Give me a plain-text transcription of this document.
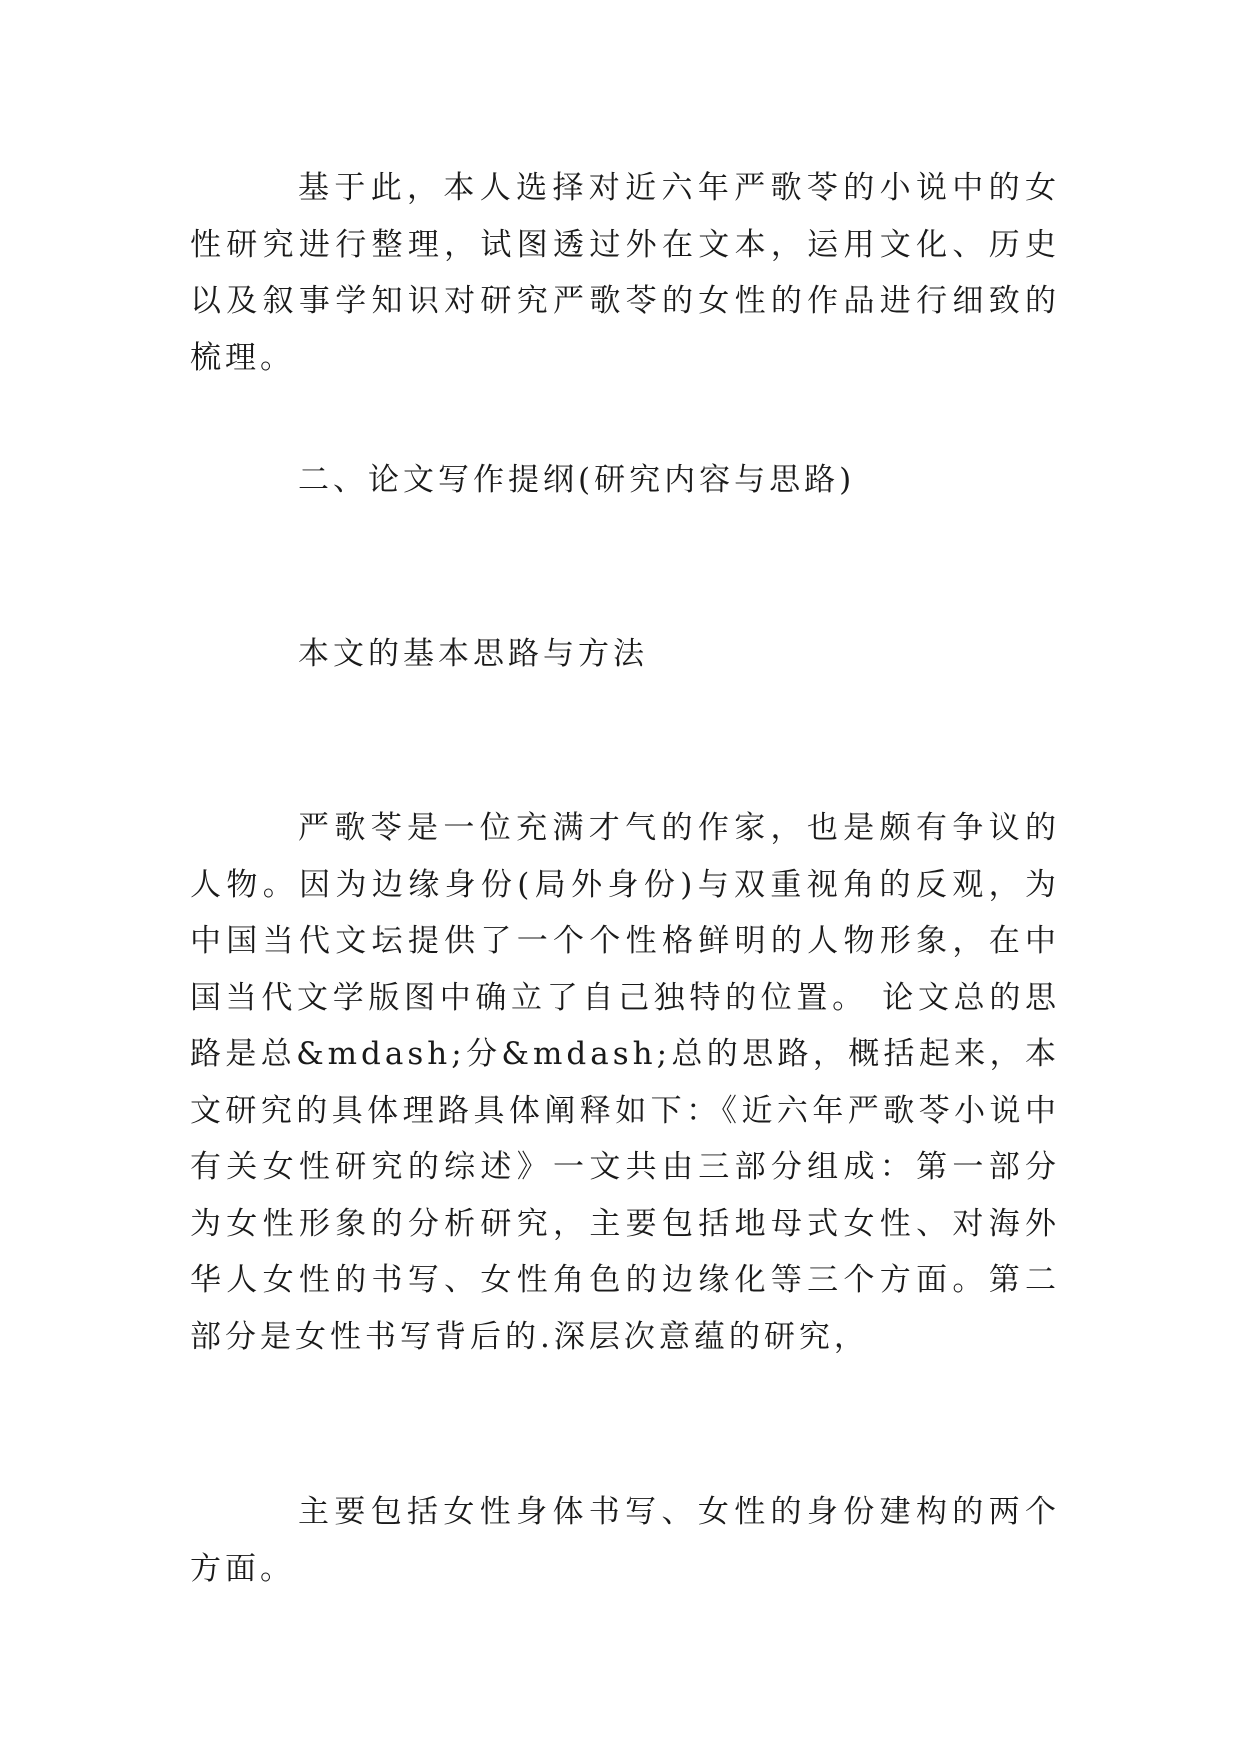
基于此，本人选择对近六年严歌苓的小说中的女性研究进行整理，试图透过外在文本，运用文化、历史以及叙事学知识对研究严歌苓的女性的作品进行细致的梳理。

二、论文写作提纲(研究内容与思路)

本文的基本思路与方法

严歌苓是一位充满才气的作家，也是颇有争议的人物。因为边缘身份(局外身份)与双重视角的反观，为中国当代文坛提供了一个个性格鲜明的人物形象，在中国当代文学版图中确立了自己独特的位置。 论文总的思路是总&mdash;分&mdash;总的思路，概括起来，本文研究的具体理路具体阐释如下：《近六年严歌苓小说中有关女性研究的综述》一文共由三部分组成：第一部分为女性形象的分析研究，主要包括地母式女性、对海外华人女性的书写、女性角色的边缘化等三个方面。第二部分是女性书写背后的.深层次意蕴的研究，

主要包括女性身体书写、女性的身份建构的两个方面。
